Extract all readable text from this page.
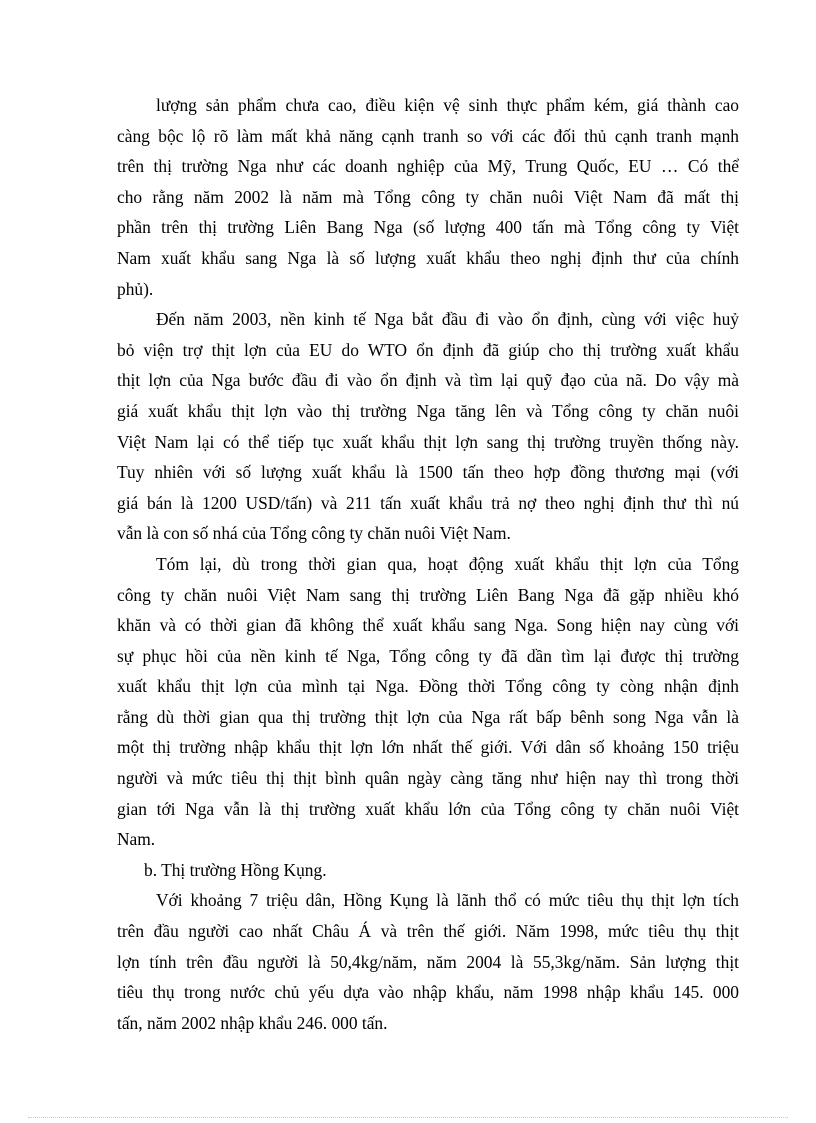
lượng sản phẩm chưa cao, điều kiện vệ sinh thực phẩm kém, giá thành cao
càng bộc lộ rõ làm mất khả năng cạnh tranh so với các đối thủ cạnh tranh mạnh
trên thị trường Nga như các doanh nghiệp của Mỹ, Trung Quốc, EU … Có thể
cho rằng năm 2002 là năm mà Tổng công ty chăn nuôi Việt Nam đã mất thị
phần trên thị trường Liên Bang Nga (số lượng 400 tấn mà Tổng công ty Việt
Nam xuất khẩu sang Nga là số lượng xuất khẩu theo nghị định thư của chính
phủ).
Đến năm 2003, nền kinh tế Nga bắt đầu đi vào ổn định, cùng với việc huỷ
bỏ viện trợ thịt lợn của EU do WTO ổn định đã giúp cho thị trường xuất khẩu
thịt lợn của Nga bước đầu đi vào ổn định và tìm lại quỹ đạo của nã. Do vậy mà
giá xuất khẩu thịt lợn vào thị trường Nga tăng lên và Tổng công ty chăn nuôi
Việt Nam lại có thể tiếp tục xuất khẩu thịt lợn sang thị trường truyền thống này.
Tuy nhiên với số lượng xuất khẩu là 1500 tấn theo hợp đồng thương mại (với
giá bán là 1200 USD/tấn) và 211 tấn xuất khẩu trả nợ theo nghị định thư thì nú
vẫn là con số nhá của Tổng công ty chăn nuôi Việt Nam.
Tóm lại, dù trong thời gian qua, hoạt động xuất khẩu thịt lợn của Tổng
công ty chăn nuôi Việt Nam sang thị trường Liên Bang Nga đã gặp nhiều khó
khăn và có thời gian đã không thể xuất khẩu sang Nga. Song hiện nay cùng với
sự phục hồi của nền kinh tế Nga, Tổng công ty đã dần tìm lại được thị trường
xuất khẩu thịt lợn của mình tại Nga. Đồng thời Tổng công ty còng nhận định
rằng dù thời gian qua thị trường thịt lợn của Nga rất bấp bênh song Nga vẫn là
một thị trường nhập khẩu thịt lợn lớn nhất thế giới. Với dân số khoảng 150 triệu
người và mức tiêu thị thịt bình quân ngày càng tăng như hiện nay thì trong thời
gian tới Nga vẫn là thị trường xuất khẩu lớn của Tổng công ty chăn nuôi Việt
Nam.
b. Thị trường Hồng Kụng.
Với khoảng 7 triệu dân, Hồng Kụng là lãnh thổ có mức tiêu thụ thịt lợn tích
trên đầu người cao nhất Châu Á và trên thế giới. Năm 1998, mức tiêu thụ thịt
lợn tính trên đầu người là 50,4kg/năm, năm 2004 là 55,3kg/năm. Sản lượng thịt
tiêu thụ trong nước chủ yếu dựa vào nhập khẩu, năm 1998 nhập khẩu 145. 000
tấn, năm 2002 nhập khẩu 246. 000 tấn.
